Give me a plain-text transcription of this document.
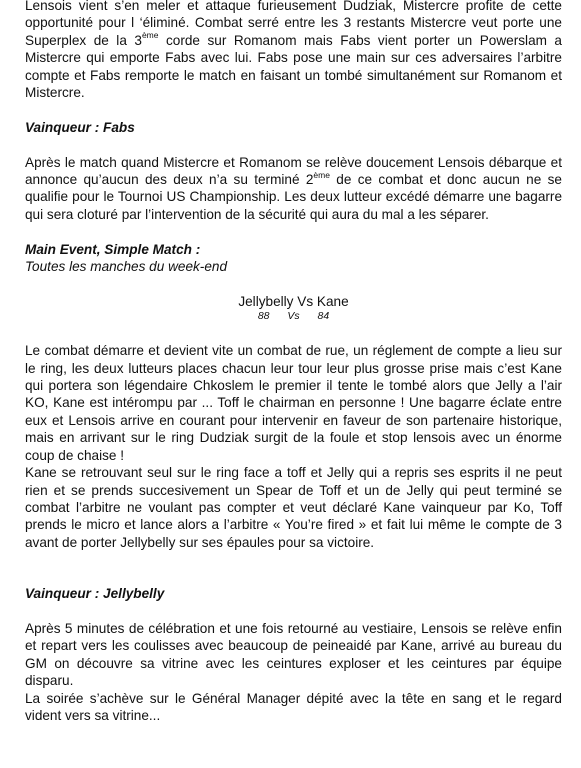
Lensois vient s’en meler et attaque furieusement Dudziak, Mistercre profite de cette opportunité pour l ‘éliminé. Combat serré entre les 3 restants Mistercre veut porte une Superplex de la 3ème corde sur Romanom mais Fabs vient porter un Powerslam a Mistercre qui emporte Fabs avec lui. Fabs pose une main sur ces adversaires l’arbitre compte et Fabs remporte le match en faisant un tombé simultanément sur Romanom et Mistercre.

Vainqueur : Fabs

Après le match quand Mistercre et Romanom se relève doucement Lensois débarque et annonce qu’aucun des deux n’a su terminé 2ème de ce combat et donc aucun ne se qualifie pour le Tournoi US Championship. Les deux lutteur excédé démarre une bagarre qui sera cloturé par l’intervention de la sécurité qui aura du mal a les séparer.

Main Event, Simple Match :

Toutes les manches du week-end

Jellybelly Vs Kane

88 Vs 84

Le combat démarre et devient vite un combat de rue, un réglement de compte a lieu sur le ring, les deux lutteurs places chacun leur tour leur plus grosse prise mais c’est Kane qui portera son légendaire Chkoslem le premier il tente le tombé alors que Jelly a l’air KO, Kane est intérompu par ... Toff le chairman en personne ! Une bagarre éclate entre eux et Lensois arrive en courant pour intervenir en faveur de son partenaire historique, mais en arrivant sur le ring Dudziak surgit de la foule et stop lensois avec un énorme coup de chaise !

Kane se retrouvant seul sur le ring face a toff et Jelly qui a repris ses esprits il ne peut rien et se prends succesivement un Spear de Toff et un de Jelly qui peut terminé se combat l’arbitre ne voulant pas compter et veut déclaré Kane vainqueur par Ko, Toff prends le micro et lance alors a l’arbitre « You’re fired » et fait lui même le compte de 3 avant de porter Jellybelly sur ses épaules pour sa victoire.

Vainqueur : Jellybelly

Après 5 minutes de célébration et une fois retourné au vestiaire, Lensois se relève enfin et repart vers les coulisses avec beaucoup de peineaidé par Kane, arrivé au bureau du GM on découvre sa vitrine avec les ceintures exploser et les ceintures par équipe disparu.

La soirée s’achève sur le Général Manager dépité avec la tête en sang et le regard vident vers sa vitrine...
